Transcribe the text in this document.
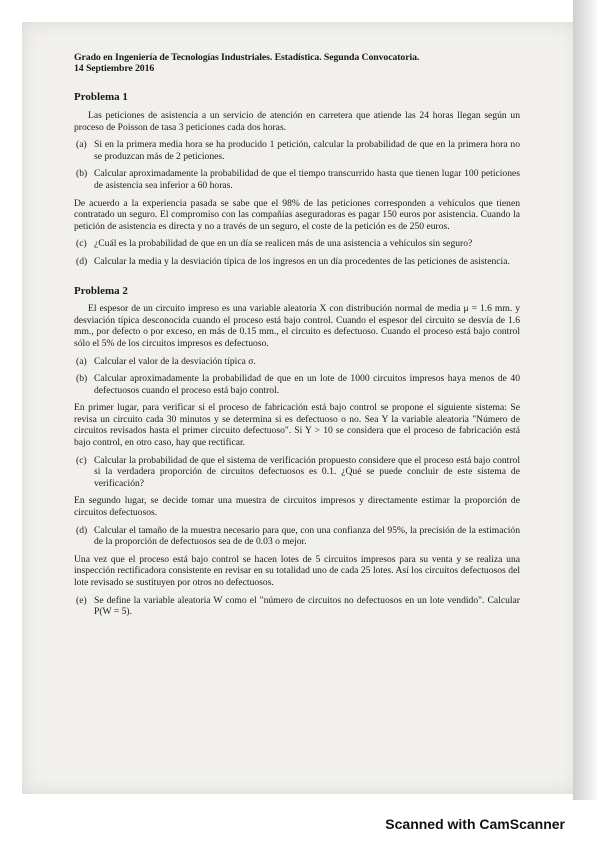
Grado en Ingeniería de Tecnologías Industriales. Estadística. Segunda Convocatoria.
14 Septiembre 2016
Problema 1

Las peticiones de asistencia a un servicio de atención en carretera que atiende las 24 horas llegan según un proceso de Poisson de tasa 3 peticiones cada dos horas.

(a) Si en la primera media hora se ha producido 1 petición, calcular la probabilidad de que en la primera hora no se produzcan más de 2 peticiones.
(b) Calcular aproximadamente la probabilidad de que el tiempo transcurrido hasta que tienen lugar 100 peticiones de asistencia sea inferior a 60 horas.

De acuerdo a la experiencia pasada se sabe que el 98% de las peticiones corresponden a vehículos que tienen contratado un seguro. El compromiso con las compañías aseguradoras es pagar 150 euros por asistencia. Cuando la petición de asistencia es directa y no a través de un seguro, el coste de la petición es de 250 euros.

(c) ¿Cuál es la probabilidad de que en un día se realicen más de una asistencia a vehículos sin seguro?
(d) Calcular la media y la desviación típica de los ingresos en un día procedentes de las peticiones de asistencia.
Problema 2

El espesor de un circuito impreso es una variable aleatoria X con distribución normal de media μ = 1.6 mm. y desviación típica desconocida cuando el proceso está bajo control. Cuando el espesor del circuito se desvía de 1.6 mm., por defecto o por exceso, en más de 0.15 mm., el circuito es defectuoso. Cuando el proceso está bajo control sólo el 5% de los circuitos impresos es defectuoso.

(a) Calcular el valor de la desviación típica σ.
(b) Calcular aproximadamente la probabilidad de que en un lote de 1000 circuitos impresos haya menos de 40 defectuosos cuando el proceso está bajo control.

En primer lugar, para verificar si el proceso de fabricación está bajo control se propone el siguiente sistema: Se revisa un circuito cada 30 minutos y se determina si es defectuoso o no. Sea Y la variable aleatoria "Número de circuitos revisados hasta el primer circuito defectuoso". Si Y > 10 se considera que el proceso de fabricación está bajo control, en otro caso, hay que rectificar.

(c) Calcular la probabilidad de que el sistema de verificación propuesto considere que el proceso está bajo control si la verdadera proporción de circuitos defectuosos es 0.1. ¿Qué se puede concluir de este sistema de verificación?

En segundo lugar, se decide tomar una muestra de circuitos impresos y directamente estimar la proporción de circuitos defectuosos.

(d) Calcular el tamaño de la muestra necesario para que, con una confianza del 95%, la precisión de la estimación de la proporción de defectuosos sea de de 0.03 o mejor.

Una vez que el proceso está bajo control se hacen lotes de 5 circuitos impresos para su venta y se realiza una inspección rectificadora consistente en revisar en su totalidad uno de cada 25 lotes. Así los circuitos defectuosos del lote revisado se sustituyen por otros no defectuosos.

(e) Se define la variable aleatoria W como el "número de circuitos no defectuosos en un lote vendido". Calcular P(W = 5).
Scanned with CamScanner
